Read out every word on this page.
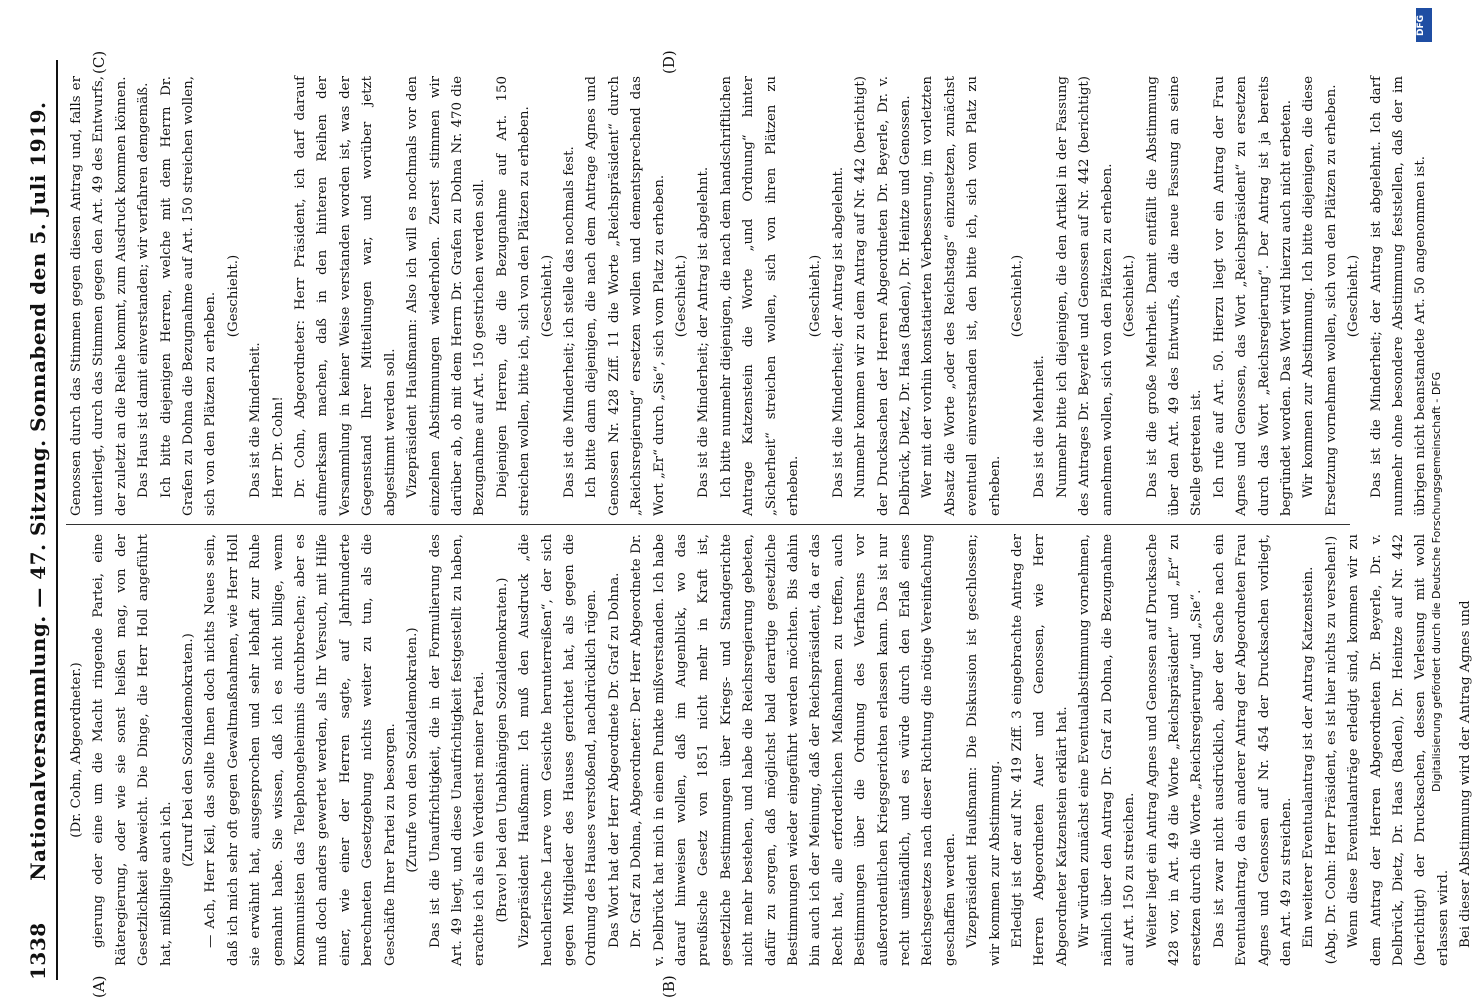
1338
Nationalversammlung. — 47. Sitzung. Sonnabend den 5. Juli 1919.
(A)	(B)
(C)	(D)

(Dr. Cohn, Abgeordneter.) gierung oder eine um die Macht ringende Partei, eine Räteregierung, oder wie sie sonst heißen mag, von der Gesetzlichkeit abweicht. Die Dinge, die Herr Holl angeführt hat, mißbillige auch ich.

(Zuruf bei den Sozialdemokraten.) — Ach, Herr Keil, das sollte Ihnen doch nichts Neues sein, daß ich mich sehr oft gegen Gewaltmaßnahmen, wie Herr Holl sie erwähnt hat, ausgesprochen und sehr lebhaft zur Ruhe gemahnt habe. Sie wissen, daß ich es nicht billige, wenn Kommunisten das Telephongeheimnis durchbrechen; aber es muß doch anders gewertet werden, als Ihr Versuch, mit Hilfe einer, wie einer der Herren sagte, auf Jahrhunderte berechneten Gesetzgebung nichts weiter zu tun, als die Geschäfte Ihrer Partei zu besorgen. (Zurufe von den Sozialdemokraten.) Das ist die Unaufrichtigkeit, die in der Formulierung des Art. 49 liegt, und diese Unaufrichtigkeit festgestellt zu haben, erachte ich als ein Verdienst meiner Partei. (Bravo! bei den Unabhängigen Sozialdemokraten.) Vizepräsident Haußmann: Ich muß den Ausdruck „die heuchlerische Larve vom Gesichte herunterreißen“, der sich gegen Mitglieder des Hauses gerichtet hat, als gegen die Ordnung des Hauses verstoßend, nachdrücklich rügen. Das Wort hat der Herr Abgeordnete Dr. Graf zu Dohna. Dr. Graf zu Dohna, Abgeordneter: Der Herr Abgeordnete Dr. v. Delbrück hat mich in einem Punkte mißverstanden. Ich habe darauf hinweisen wollen, daß im Augenblick, wo das preußische Gesetz von 1851 nicht mehr in Kraft ist, gesetzliche Bestimmungen über Kriegs- und Standgerichte nicht mehr bestehen, und habe die Reichsregierung gebeten, dafür zu sorgen, daß möglichst bald derartige gesetzliche Bestimmungen wieder eingeführt werden möchten. Bis dahin bin auch ich der Meinung, daß der Reichspräsident, da er das Recht hat, alle erforderlichen Maßnahmen zu treffen, auch Bestimmungen über die Ordnung des Verfahrens vor außerordentlichen Kriegsgerichten erlassen kann. Das ist nur recht umständlich, und es würde durch den Erlaß eines Reichsgesetzes nach dieser Richtung die nötige Vereinfachung geschaffen werden. Vizepräsident Haußmann: Die Diskussion ist geschlossen; wir kommen zur Abstimmung. Erledigt ist der auf Nr. 419 Ziff. 3 eingebrachte Antrag der Herren Abgeordneten Auer und Genossen, wie Herr Abgeordneter Katzenstein erklärt hat. Wir würden zunächst eine Eventualabstimmung vornehmen, nämlich über den Antrag Dr. Graf zu Dohna, die Bezugnahme auf Art. 150 zu streichen. Weiter liegt ein Antrag Agnes und Genossen auf Drucksache 428 vor, in Art. 49 die Worte „Reichspräsident“ und „Er“ zu ersetzen durch die Worte „Reichsregierung“ und „Sie“. Das ist zwar nicht ausdrücklich, aber der Sache nach ein Eventualantrag, da ein anderer Antrag der Abgeordneten Frau Agnes und Genossen auf Nr. 454 der Drucksachen vorliegt, den Art. 49 zu streichen. Ein weiterer Eventualantrag ist der Antrag Katzenstein. (Abg. Dr. Cohn: Herr Präsident, es ist hier nichts zu versehen!) Wenn diese Eventualanträge erledigt sind, kommen wir zu dem Antrag der Herren Abgeordneten Dr. Beyerle, Dr. v. Delbrück, Dietz, Dr. Haas (Baden), Dr. Heintze auf Nr. 442 (berichtigt) der Drucksachen, dessen Verlesung mit wohl erlassen wird. Bei dieser Abstimmung wird der Antrag Agnes und

Genossen durch das Stimmen gegen diesen Antrag und, falls er unterliegt, durch das Stimmen gegen den Art. 49 des Entwurfs, der zuletzt an die Reihe kommt, zum Ausdruck kommen können. Das Haus ist damit einverstanden; wir verfahren demgemäß. Ich bitte diejenigen Herren, welche mit dem Herrn Dr. Grafen zu Dohna die Bezugnahme auf Art. 150 streichen wollen, sich von den Plätzen zu erheben. (Geschieht.)

Das ist die Minderheit. Herr Dr. Cohn! Dr. Cohn, Abgeordneter: Herr Präsident, ich darf darauf aufmerksam machen, daß in den hinteren Reihen der Versammlung in keiner Weise verstanden worden ist, was der Gegenstand Ihrer Mitteilungen war, und worüber jetzt abgestimmt werden soll. Vizepräsident Haußmann: Also ich will es nochmals vor den einzelnen Abstimmungen wiederholen. Zuerst stimmen wir darüber ab, ob mit dem Herrn Dr. Grafen zu Dohna Nr. 470 die Bezugnahme auf Art. 150 gestrichen werden soll. Diejenigen Herren, die die Bezugnahme auf Art. 150 streichen wollen, bitte ich, sich von den Plätzen zu erheben. (Geschieht.) Das ist die Minderheit; ich stelle das nochmals fest. Ich bitte dann diejenigen, die nach dem Antrage Agnes und Genossen Nr. 428 Ziff. 11 die Worte „Reichspräsident“ durch „Reichsregierung“ ersetzen wollen und dementsprechend das Wort „Er“ durch „Sie“, sich vom Platz zu erheben. (Geschieht.) Das ist die Minderheit; der Antrag ist abgelehnt. Ich bitte nunmehr diejenigen, die nach dem handschriftlichen Antrage Katzenstein die Worte „und Ordnung“ hinter „Sicherheit“ streichen wollen, sich von ihren Plätzen zu erheben.

(Geschieht.) Das ist die Minderheit; der Antrag ist abgelehnt. Nunmehr kommen wir zu dem Antrag auf Nr. 442 (berichtigt) der Drucksachen der Herren Abgeordneten Dr. Beyerle, Dr. v. Delbrück, Dietz, Dr. Haas (Baden), Dr. Heintze und Genossen. Wer mit der vorhin konstatierten Verbesserung, im vorletzten Absatz die Worte „oder des Reichstags“ einzusetzen, zunächst eventuell einverstanden ist, den bitte ich, sich vom Platz zu erheben.

(Geschieht.)

Das ist die Mehrheit. Nunmehr bitte ich diejenigen, die den Artikel in der Fassung des Antrages Dr. Beyerle und Genossen auf Nr. 442 (berichtigt) annehmen wollen, sich von den Plätzen zu erheben. (Geschieht.) Das ist die große Mehrheit. Damit entfällt die Abstimmung über den Art. 49 des Entwurfs, da die neue Fassung an seine Stelle getreten ist. Ich rufe auf Art. 50. Hierzu liegt vor ein Antrag der Frau Agnes und Genossen, das Wort „Reichspräsident“ zu ersetzen durch das Wort „Reichsregierung“. Der Antrag ist ja bereits begründet worden. Das Wort wird hierzu auch nicht erbeten. Wir kommen zur Abstimmung. Ich bitte diejenigen, die diese Ersetzung vornehmen wollen, sich von den Plätzen zu erheben. (Geschieht.) Das ist die Minderheit; der Antrag ist abgelehnt. Ich darf nunmehr ohne besondere Abstimmung feststellen, daß der im übrigen nicht beanstandete Art. 50 angenommen ist.

DFG
Digitalisierung gefördert durch die Deutsche Forschungsgemeinschaft - DFG
